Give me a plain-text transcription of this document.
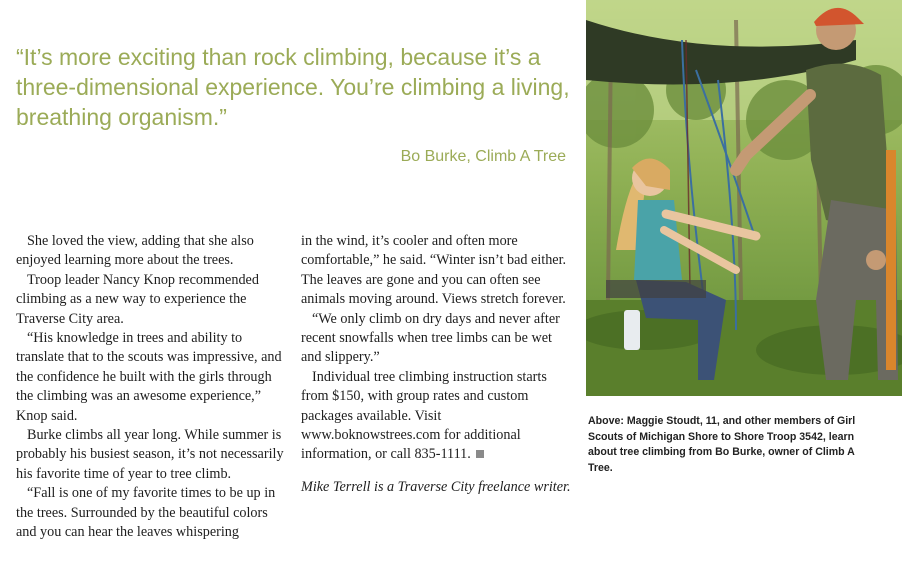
“It’s more exciting than rock climbing, because it’s a three-dimensional experience. You’re climbing a living, breathing organism.”

Bo Burke, Climb A Tree

She loved the view, adding that she also enjoyed learning more about the trees.

Troop leader Nancy Knop recommended climbing as a new way to experience the Traverse City area.

“His knowledge in trees and ability to translate that to the scouts was impressive, and the confidence he built with the girls through the climbing was an awesome experience,” Knop said.

Burke climbs all year long. While summer is probably his busiest season, it’s not necessarily his favorite time of year to tree climb.

“Fall is one of my favorite times to be up in the trees. Surrounded by the beautiful colors and you can hear the leaves whispering

in the wind, it’s cooler and often more comfortable,” he said. “Winter isn’t bad either. The leaves are gone and you can often see animals moving around. Views stretch forever.

“We only climb on dry days and never after recent snowfalls when tree limbs can be wet and slippery.”

Individual tree climbing instruction starts from $150, with group rates and custom packages available. Visit www.boknowstrees.com for additional information, or call 835-1111.

Mike Terrell is a Traverse City freelance writer.

Above: Maggie Stoudt, 11, and other members of Girl Scouts of Michigan Shore to Shore Troop 3542, learn about tree climbing from Bo Burke, owner of Climb A Tree.
